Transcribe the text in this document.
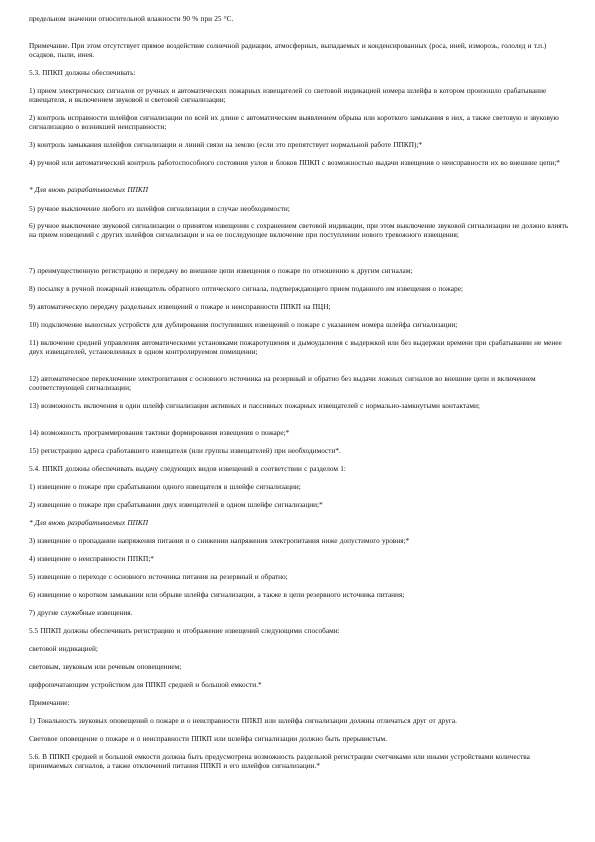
предельном значении относительной влажности 90 % при 25 °С.

Примечание. При этом отсутствует прямое воздействие солнечной радиации, атмосферных, выпадаемых и конденсированных (роса, иней, изморозь, гололед и т.п.) осадков, пыли, инея.

5.3. ППКП должны обеспечивать:

1) прием электрических сигналов от ручных и автоматических пожарных извещателей со световой индикацией номера шлейфа в котором произошло срабатывание извещателя, и включением звуковой и световой сигнализации;

2) контроль исправности шлейфов сигнализации по всей их длине с автоматическим выявлением обрыва или короткого замыкания в них, а также световую и звуковую сигнализацию о возникшей неисправности;

3) контроль замыкания шлейфов сигнализации и линий связи на землю (если это препятствует нормальной работе ППКП);*

4) ручной или автоматический контроль работоспособного состояния узлов и блоков ППКП с возможностью выдачи извещения о неисправности их во внешние цепи;*

* Для вновь разрабатываемых ППКП

5) ручное выключение любого из шлейфов сигнализации в случае необходимости;

6) ручное выключение звуковой сигнализации о принятом извещении с сохранением световой индикации, при этом выключение звуковой сигнализации не должно влиять на прием извещений с других шлейфов сигнализации и на ее последующее включение при поступлении нового тревожного извещения;

7) преимущественную регистрацию и передачу во внешние цепи извещения о пожаре по отношению к другим сигналам;

8) посылку в ручной пожарный извещатель обратного оптического сигнала, подтверждающего прием поданного им извещения о пожаре;

9) автоматическую передачу раздельных извещений о пожаре и неисправности ППКП на ПЦН;

10) подключение выносных устройств для дублирования поступивших извещений о пожаре с указанием номера шлейфа сигнализации;

11) включение средней управления автоматическими установками пожаротушения и дымоудаления с выдержкой или без выдержки времени при срабатывании не менее двух извещателей, установленных в одном контролируемом помещении;

12) автоматическое переключение электропитания с основного источника на резервный и обратно без выдачи ложных сигналов во внешние цепи и включением соответствующей сигнализации;

13) возможность включения в один шлейф сигнализации активных и пассивных пожарных извещателей с нормально-замкнутыми контактами;

14) возможность программирования тактики формирования извещения о пожаре;*

15) регистрацию адреса сработавшего извещателя (или группы извещателей) при необходимости*.

5.4. ППКП должны обеспечивать выдачу следующих видов извещений в соответствии с разделом 1:

1) извещение о пожаре при срабатывании одного извещателя в шлейфе сигнализации;

2) извещение о пожаре при срабатывании двух извещателей в одном шлейфе сигнализации;*

* Для вновь разрабатываемых ППКП

3) извещение о пропадании напряжения питания и о снижении напряжения электропитания ниже допустимого уровня;*

4) извещение о неисправности ППКП;*

5) извещение о переходе с основного источника питания на резервный и обратно;

6) извещение о коротком замыкании или обрыве шлейфа сигнализации, а также в цепи резервного источника питания;

7) другие служебные извещения.

5.5 ППКП должны обеспечивать регистрацию и отображение извещений следующими способами:

световой индикацией;

световым, звуковым или речевым оповещением;

цифропечатающим устройством для ППКП средней и большой емкости.*

Примечание:

1) Тональность звуковых оповещений о пожаре и о неисправности ППКП или шлейфа сигнализации должны отличаться друг от друга.

Световое оповещение о пожаре и о неисправности ППКП или шлейфа сигнализации должно быть прерывистым.

5.6. В ППКП средней и большой емкости должна быть предусмотрена возможность раздельной регистрации счетчиками или иными устройствами количества принимаемых сигналов, а также отключений питания ППКП и его шлейфов сигнализации.*
